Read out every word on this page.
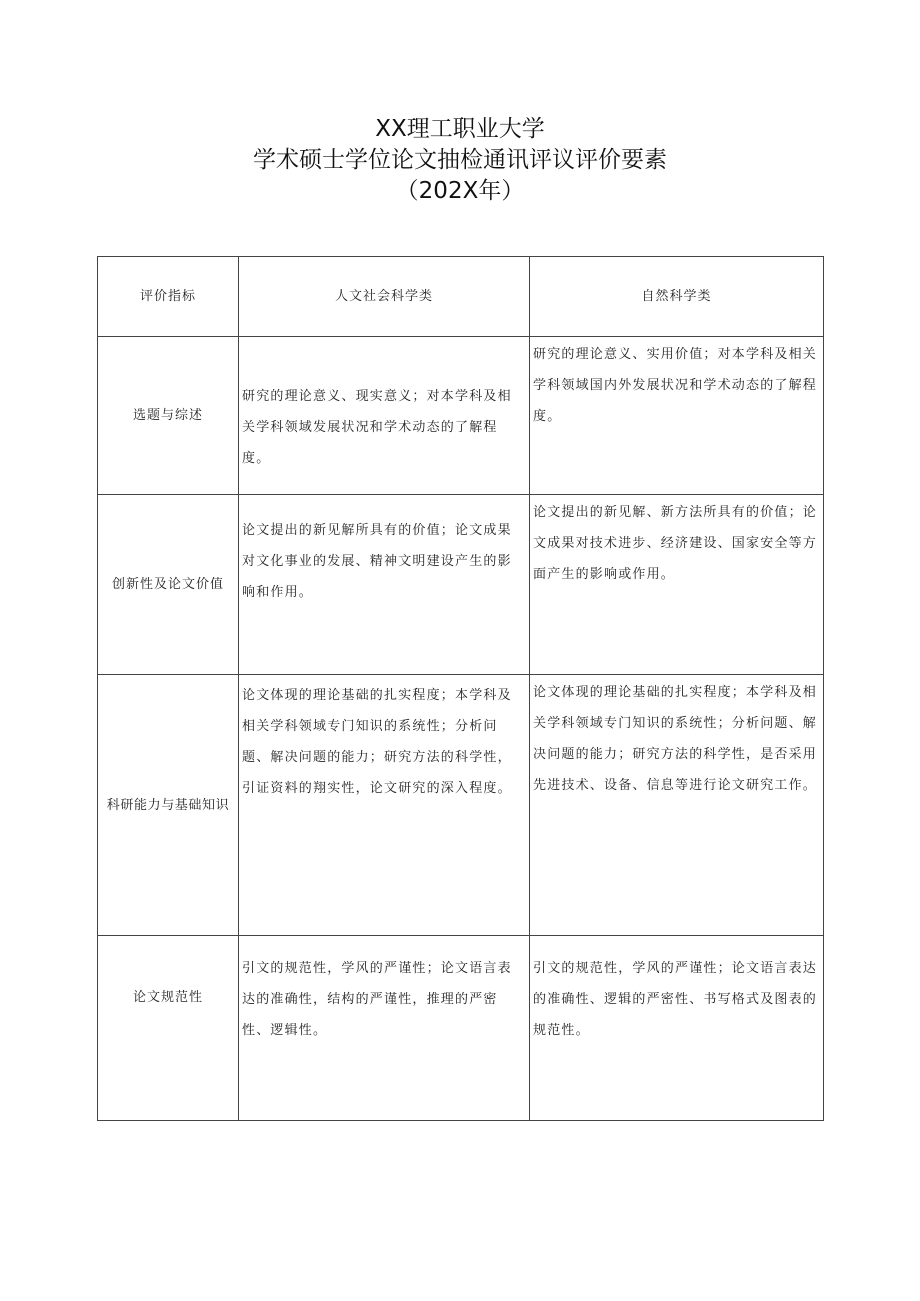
XX理工职业大学
学术硕士学位论文抽检通讯评议评价要素
（202X年）
评价指标	人文社会科学类	自然科学类
选题与综述	研究的理论意义、现实意义；对本学科及相关学科领域发展状况和学术动态的了解程度。	研究的理论意义、实用价值；对本学科及相关学科领域国内外发展状况和学术动态的了解程度。

创新性及论文价值	论文提出的新见解所具有的价值；论文成果对文化事业的发展、精神文明建设产生的影响和作用。	论文提出的新见解、新方法所具有的价值；论文成果对技术进步、经济建设、国家安全等方面产生的影响或作用。

科研能力与基础知识	论文体现的理论基础的扎实程度；本学科及相关学科领域专门知识的系统性；分析问题、解决问题的能力；研究方法的科学性，引证资料的翔实性，论文研究的深入程度。	论文体现的理论基础的扎实程度；本学科及相关学科领域专门知识的系统性；分析问题、解决问题的能力；研究方法的科学性，是否采用先进技术、设备、信息等进行论文研究工作。

论文规范性	引文的规范性，学风的严谨性；论文语言表达的准确性，结构的严谨性，推理的严密性、逻辑性。	引文的规范性，学风的严谨性；论文语言表达的准确性、逻辑的严密性、书写格式及图表的规范性。
